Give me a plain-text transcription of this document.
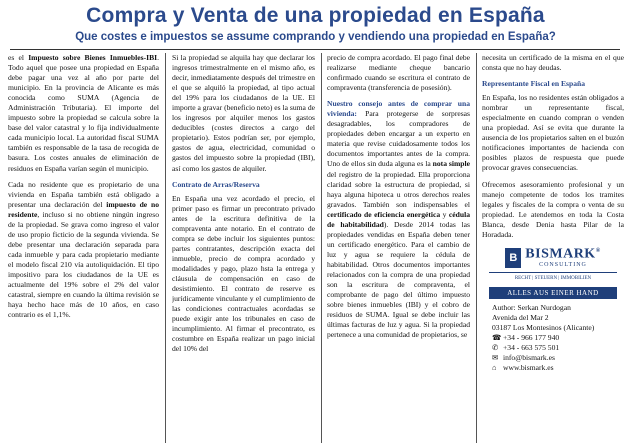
Compra y Venta de una propiedad en España
Que costes e impuestos se assume comprando y vendiendo una propiedad en España?

es el Impuesto sobre Bienes Inmuebles-IBI. Todo aquel que posee una propiedad en España debe pagar una vez al año por parte del municipio. En la provincia de Alicante es más conocida como SUMA (Agencia de Administración Tributaria). El importe del impuesto sobre la propiedad se calcula sobre la base del valor catastral y lo fija individualmente cada municipio local. La autoridad fiscal SUMA también es responsable de la tasa de recogida de basura. Los costes anuales de eliminación de residuos en España varían según el municipio.

Cada no residente que es propietario de una vivienda en España también está obligado a presentar una declaración del impuesto de no residente, incluso si no obtiene ningún ingreso de la propiedad. Se grava como ingreso el valor de uso propio ficticio de la segunda vivienda. Se debe presentar una declaración separada para cada inmueble y para cada propietario mediante el modelo fiscal 210 vía autoliquidación. El tipo impositivo para los ciudadanos de la UE es actualmente del 19% sobre el 2% del valor catastral, siempre en cuando la última revisión se haya hecho hace más de 10 años, en caso contrario es el 1,1%.

Si la propiedad se alquila hay que declarar los ingresos trimestralmente en el mismo año, es decir, inmediatamente después del trimestre en el que se alquiló la propiedad, al tipo actual del 19% para los ciudadanos de la UE. El importe a gravar (beneficio neto) es la suma de los ingresos por alquiler menos los gastos deducibles (costes directos a cargo del propietario). Estos podrían ser, por ejemplo, gastos de agua, electricidad, comunidad o gastos del impuesto sobre la propiedad (IBI), así como los gastos de alquiler.

Contrato de Arras/Reserva

En España una vez acordado el precio, el primer paso es firmar un precontrato privado antes de la escritura definitiva de la compraventa ante notario. En el contrato de compra se debe incluir los siguientes puntos: partes contratantes, descripción exacta del inmueble, precio de compra acordado y modalidades y pago, plazo hsta la entrega y cláusula de compensación en caso de desistimiento. El contrato de reserve es jurídicamente vinculante y el cumplimiento de las condiciones contractuales acordadas se puede exigir ante los tribunales en caso de incumplimiento. Al firmar el precontrato, es costumbre en España realizar un pago inicial del 10% del

precio de compra acordado. El pago final debe realizarse mediante cheque bancario confirmado cuando se escritura el contrato de compraventa (transferencia de posesión).

Nuestro consejo antes de comprar una vivienda: Para protegerse de sorpresas desagradables, los compradores de propiedades deben encargar a un experto en materia que revise cuidadosamente todos los documentos importantes antes de la compra. Uno de ellos sin duda alguna es la nota simple del registro de la propiedad. Ella proporciona claridad sobre la estructura de propiedad, si haya alguna hipoteca u otros derechos reales gravados. También son indispensables el certificado de eficiencia energética y cédula de habitabilidad). Desde 2014 todas las propiedades vendidas en España deben tener un certificado energético. Para el cambio de luz y agua se requiere la cédula de habitabilidad. Otros documentos importantes relacionados con la compra de una propiedad son la escritura de compraventa, el comprobante de pago del último impuesto sobre bienes inmuebles (IBI) y el cobro de residuos de SUMA. Igual se debe incluir las últimas facturas de luz y agua. Si la propiedad pertenece a una comunidad de propietarios, se

necesita un certificado de la misma en el que consta que no hay deudas.

Representante Fiscal en España

En España, los no residentes están obligados a nombrar un representante fiscal, especialmente en cuando compran o venden una propiedad. Así se evita que durante la ausencia de los propietarios salten en el buzón notificaciones importantes de hacienda con posibles plazos de respuesta que puede provocar graves consecuencias.

Ofrecemos asesoramiento profesional y un manejo competente de todos los tramites legales y fiscales de la compra o venta de su propiedad. Le atendemos en toda la Costa Blanca, desde Denia hasta Pilar de la Horadada.

B BISMARK®
CONSULTING
RECHT | STEUERN | IMMOBILIEN
ALLES AUS EINER HAND
Author: Serkan Nurdogan
Avenida del Mar 2
03187 Los Montesinos (Alicante)
☎ +34 - 966 177 940
✆ +34 - 663 575 501
✉ info@bismark.es
⌂ www.bismark.es
